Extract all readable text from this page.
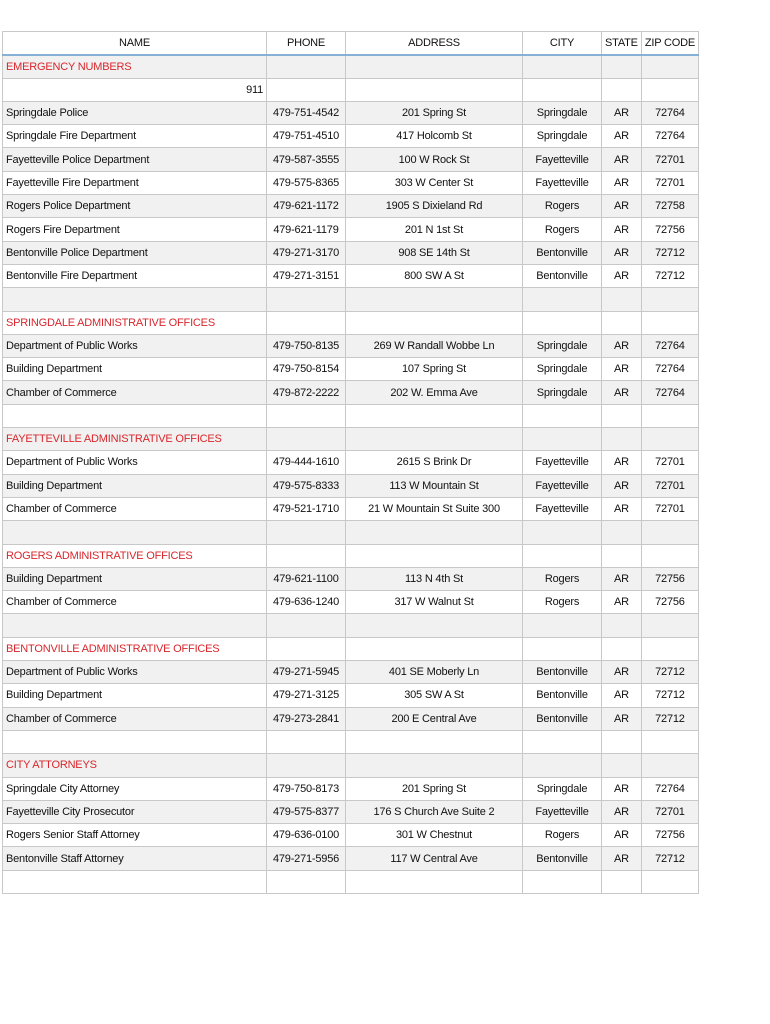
NAME	PHONE	ADDRESS	CITY	STATE	ZIP CODE
EMERGENCY NUMBERS					
911					
Springdale Police	479-751-4542	201 Spring St	Springdale	AR	72764
Springdale Fire Department	479-751-4510	417 Holcomb St	Springdale	AR	72764
Fayetteville Police Department	479-587-3555	100 W Rock St	Fayetteville	AR	72701
Fayetteville Fire Department	479-575-8365	303 W Center St	Fayetteville	AR	72701
Rogers Police Department	479-621-1172	1905 S Dixieland Rd	Rogers	AR	72758
Rogers Fire Department	479-621-1179	201 N 1st St	Rogers	AR	72756
Bentonville Police Department	479-271-3170	908 SE 14th St	Bentonville	AR	72712
Bentonville Fire Department	479-271-3151	800 SW A St	Bentonville	AR	72712

SPRINGDALE ADMINISTRATIVE OFFICES					
Department of Public Works	479-750-8135	269 W Randall Wobbe Ln	Springdale	AR	72764
Building Department	479-750-8154	107 Spring St	Springdale	AR	72764
Chamber of Commerce	479-872-2222	202 W. Emma Ave	Springdale	AR	72764

FAYETTEVILLE ADMINISTRATIVE OFFICES					
Department of Public Works	479-444-1610	2615 S Brink Dr	Fayetteville	AR	72701
Building Department	479-575-8333	113 W Mountain St	Fayetteville	AR	72701
Chamber of Commerce	479-521-1710	21 W Mountain St Suite 300	Fayetteville	AR	72701

ROGERS ADMINISTRATIVE OFFICES					
Building Department	479-621-1100	113 N 4th St	Rogers	AR	72756
Chamber of Commerce	479-636-1240	317 W Walnut St	Rogers	AR	72756

BENTONVILLE ADMINISTRATIVE OFFICES					
Department of Public Works	479-271-5945	401 SE Moberly Ln	Bentonville	AR	72712
Building Department	479-271-3125	305 SW A St	Bentonville	AR	72712
Chamber of Commerce	479-273-2841	200 E Central Ave	Bentonville	AR	72712

CITY ATTORNEYS					
Springdale City Attorney	479-750-8173	201 Spring St	Springdale	AR	72764
Fayetteville City Prosecutor	479-575-8377	176 S Church Ave Suite 2	Fayetteville	AR	72701
Rogers Senior Staff Attorney	479-636-0100	301 W Chestnut	Rogers	AR	72756
Bentonville Staff Attorney	479-271-5956	117 W Central Ave	Bentonville	AR	72712
